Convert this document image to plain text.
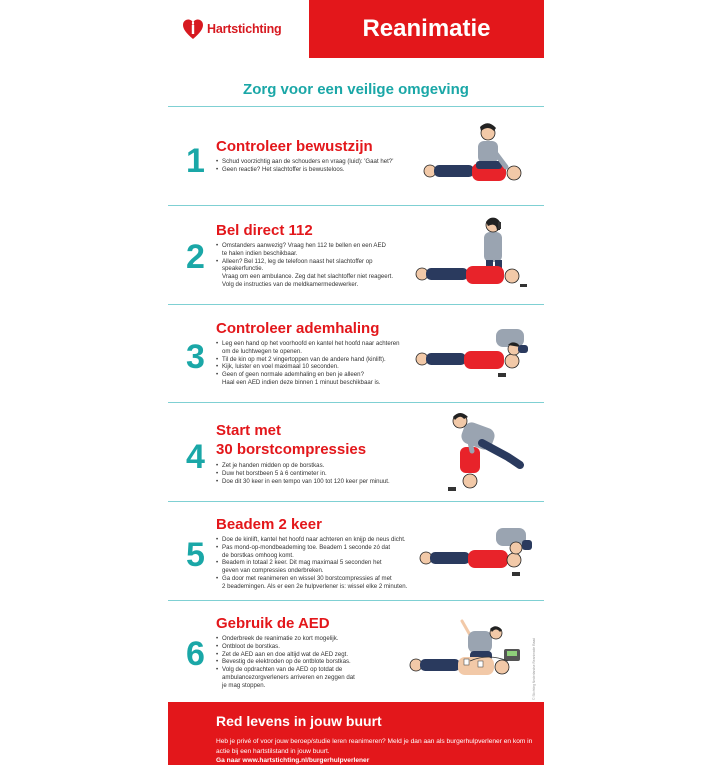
Hartstichting	Reanimatie
Zorg voor een veilige omgeving
1 Controleer bewustzijn
• Schud voorzichtig aan de schouders en vraag (luid): 'Gaat het?'
• Geen reactie? Het slachtoffer is bewusteloos.
2
Bel direct 112
• Omstanders aanwezig? Vraag hen 112 te bellen en een AED
te halen indien beschikbaar.
• Alleen? Bel 112, leg de telefoon naast het slachtoffer op
speakerfunctie.
Vraag om een ambulance. Zeg dat het slachtoffer niet reageert.
Volg de instructies van de meldkamermedewerker.
3
Controleer ademhaling
• Leg een hand op het voorhoofd en kantel het hoofd naar achteren
om de luchtwegen te openen.
• Til de kin op met 2 vingertoppen van de andere hand (kinlift).
• Kijk, luister en voel maximaal 10 seconden.
• Geen of geen normale ademhaling en ben je alleen?
Haal een AED indien deze binnen 1 minuut beschikbaar is.
4
Start met
30 borstcompressies
• Zet je handen midden op de borstkas.
• Duw het borstbeen 5 à 6 centimeter in.
• Doe dit 30 keer in een tempo van 100 tot 120 keer per minuut.
5
Beadem 2 keer
• Doe de kinlift, kantel het hoofd naar achteren en knijp de neus dicht.
• Pas mond-op-mondbeademing toe. Beadem 1 seconde zó dat
de borstkas omhoog komt.
• Beadem in totaal 2 keer. Dit mag maximaal 5 seconden het
geven van compressies onderbreken.
• Ga door met reanimeren en wissel 30 borstcompressies af met
2 beademingen. Als er een 2e hulpverlener is: wissel elke 2 minuten.
6
Gebruik de AED
• Onderbreek de reanimatie zo kort mogelijk.
• Ontbloot de borstkas.
• Zet de AED aan en doe altijd wat de AED zegt.
• Bevestig de elektroden op de ontblote borstkas.
• Volg de opdrachten van de AED op totdat de
ambulancezorgverleners arriveren en zeggen dat
je mag stoppen.	© Stichting Nederlandse Reanimatie Raad
Red levens in jouw buurt
Heb je privé of voor jouw beroep/studie leren reanimeren? Meld je dan aan als burgerhulpverlener en kom in actie bij een hartstilstand in jouw buurt.
Ga naar www.hartstichting.nl/burgerhulpverlener
